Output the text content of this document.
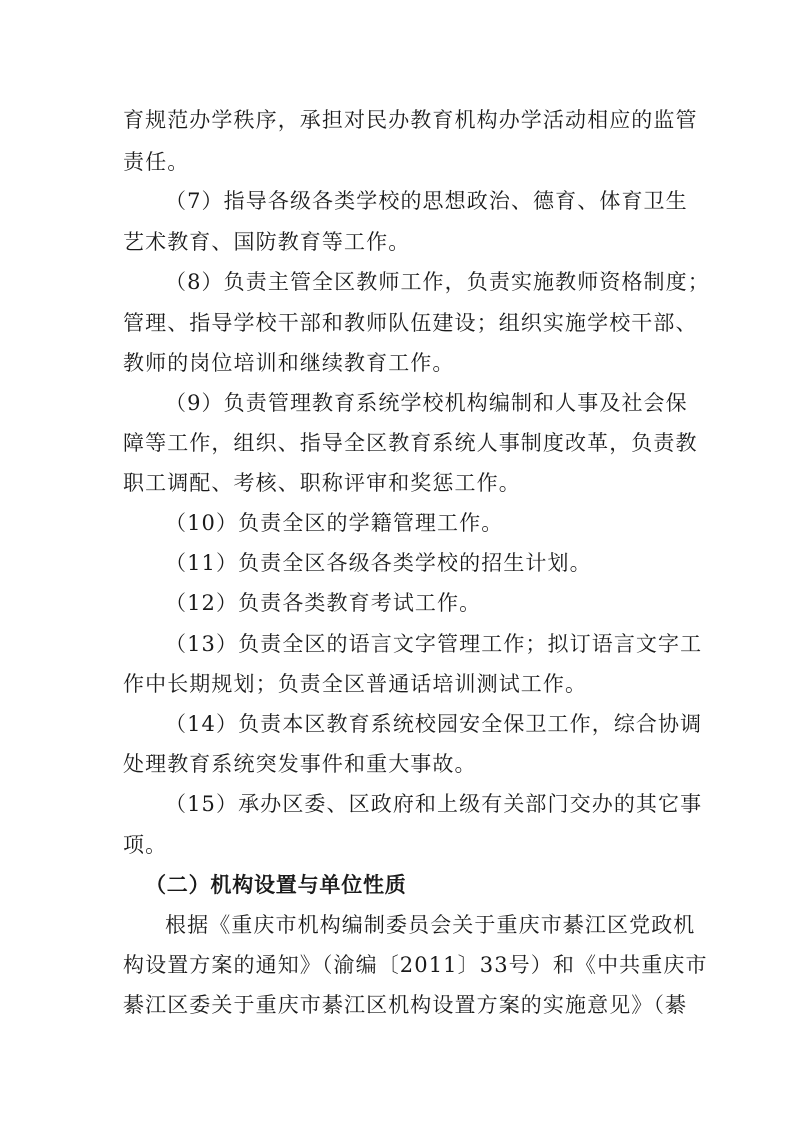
育规范办学秩序，承担对民办教育机构办学活动相应的监管
责任。
（7）指导各级各类学校的思想政治、德育、体育卫生
艺术教育、国防教育等工作。
（8）负责主管全区教师工作，负责实施教师资格制度；
管理、指导学校干部和教师队伍建设；组织实施学校干部、
教师的岗位培训和继续教育工作。
（9）负责管理教育系统学校机构编制和人事及社会保
障等工作，组织、指导全区教育系统人事制度改革，负责教
职工调配、考核、职称评审和奖惩工作。
（10）负责全区的学籍管理工作。
（11）负责全区各级各类学校的招生计划。
（12）负责各类教育考试工作。
（13）负责全区的语言文字管理工作；拟订语言文字工
作中长期规划；负责全区普通话培训测试工作。
（14）负责本区教育系统校园安全保卫工作，综合协调
处理教育系统突发事件和重大事故。
（15）承办区委、区政府和上级有关部门交办的其它事
项。
（二）机构设置与单位性质
根据《重庆市机构编制委员会关于重庆市綦江区党政机
构设置方案的通知》（渝编〔2011〕33号）和《中共重庆市
綦江区委关于重庆市綦江区机构设置方案的实施意见》（綦
